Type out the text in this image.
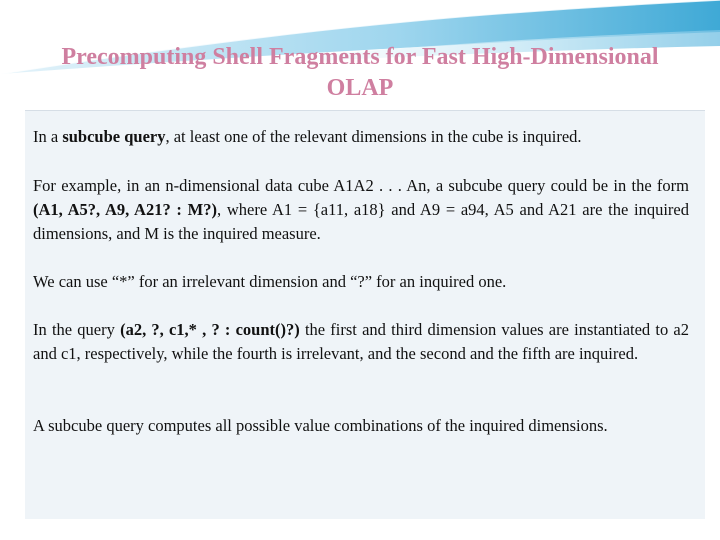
Precomputing Shell Fragments for Fast High-Dimensional OLAP

In a subcube query, at least one of the relevant dimensions in the cube is inquired.

For example, in an n-dimensional data cube A1A2 . . . An, a subcube query could be in the form (A1, A5?, A9, A21? : M?), where A1 = {a11, a18} and A9 = a94, A5 and A21 are the inquired dimensions, and M is the inquired measure.

We can use “*” for an irrelevant dimension and “?” for an inquired one.

In the query (a2, ?, c1,* , ? : count()?) the first and third dimension values are instantiated to a2 and c1, respectively, while the fourth is irrelevant, and the second and the fifth are inquired.

A subcube query computes all possible value combinations of the inquired dimensions.
